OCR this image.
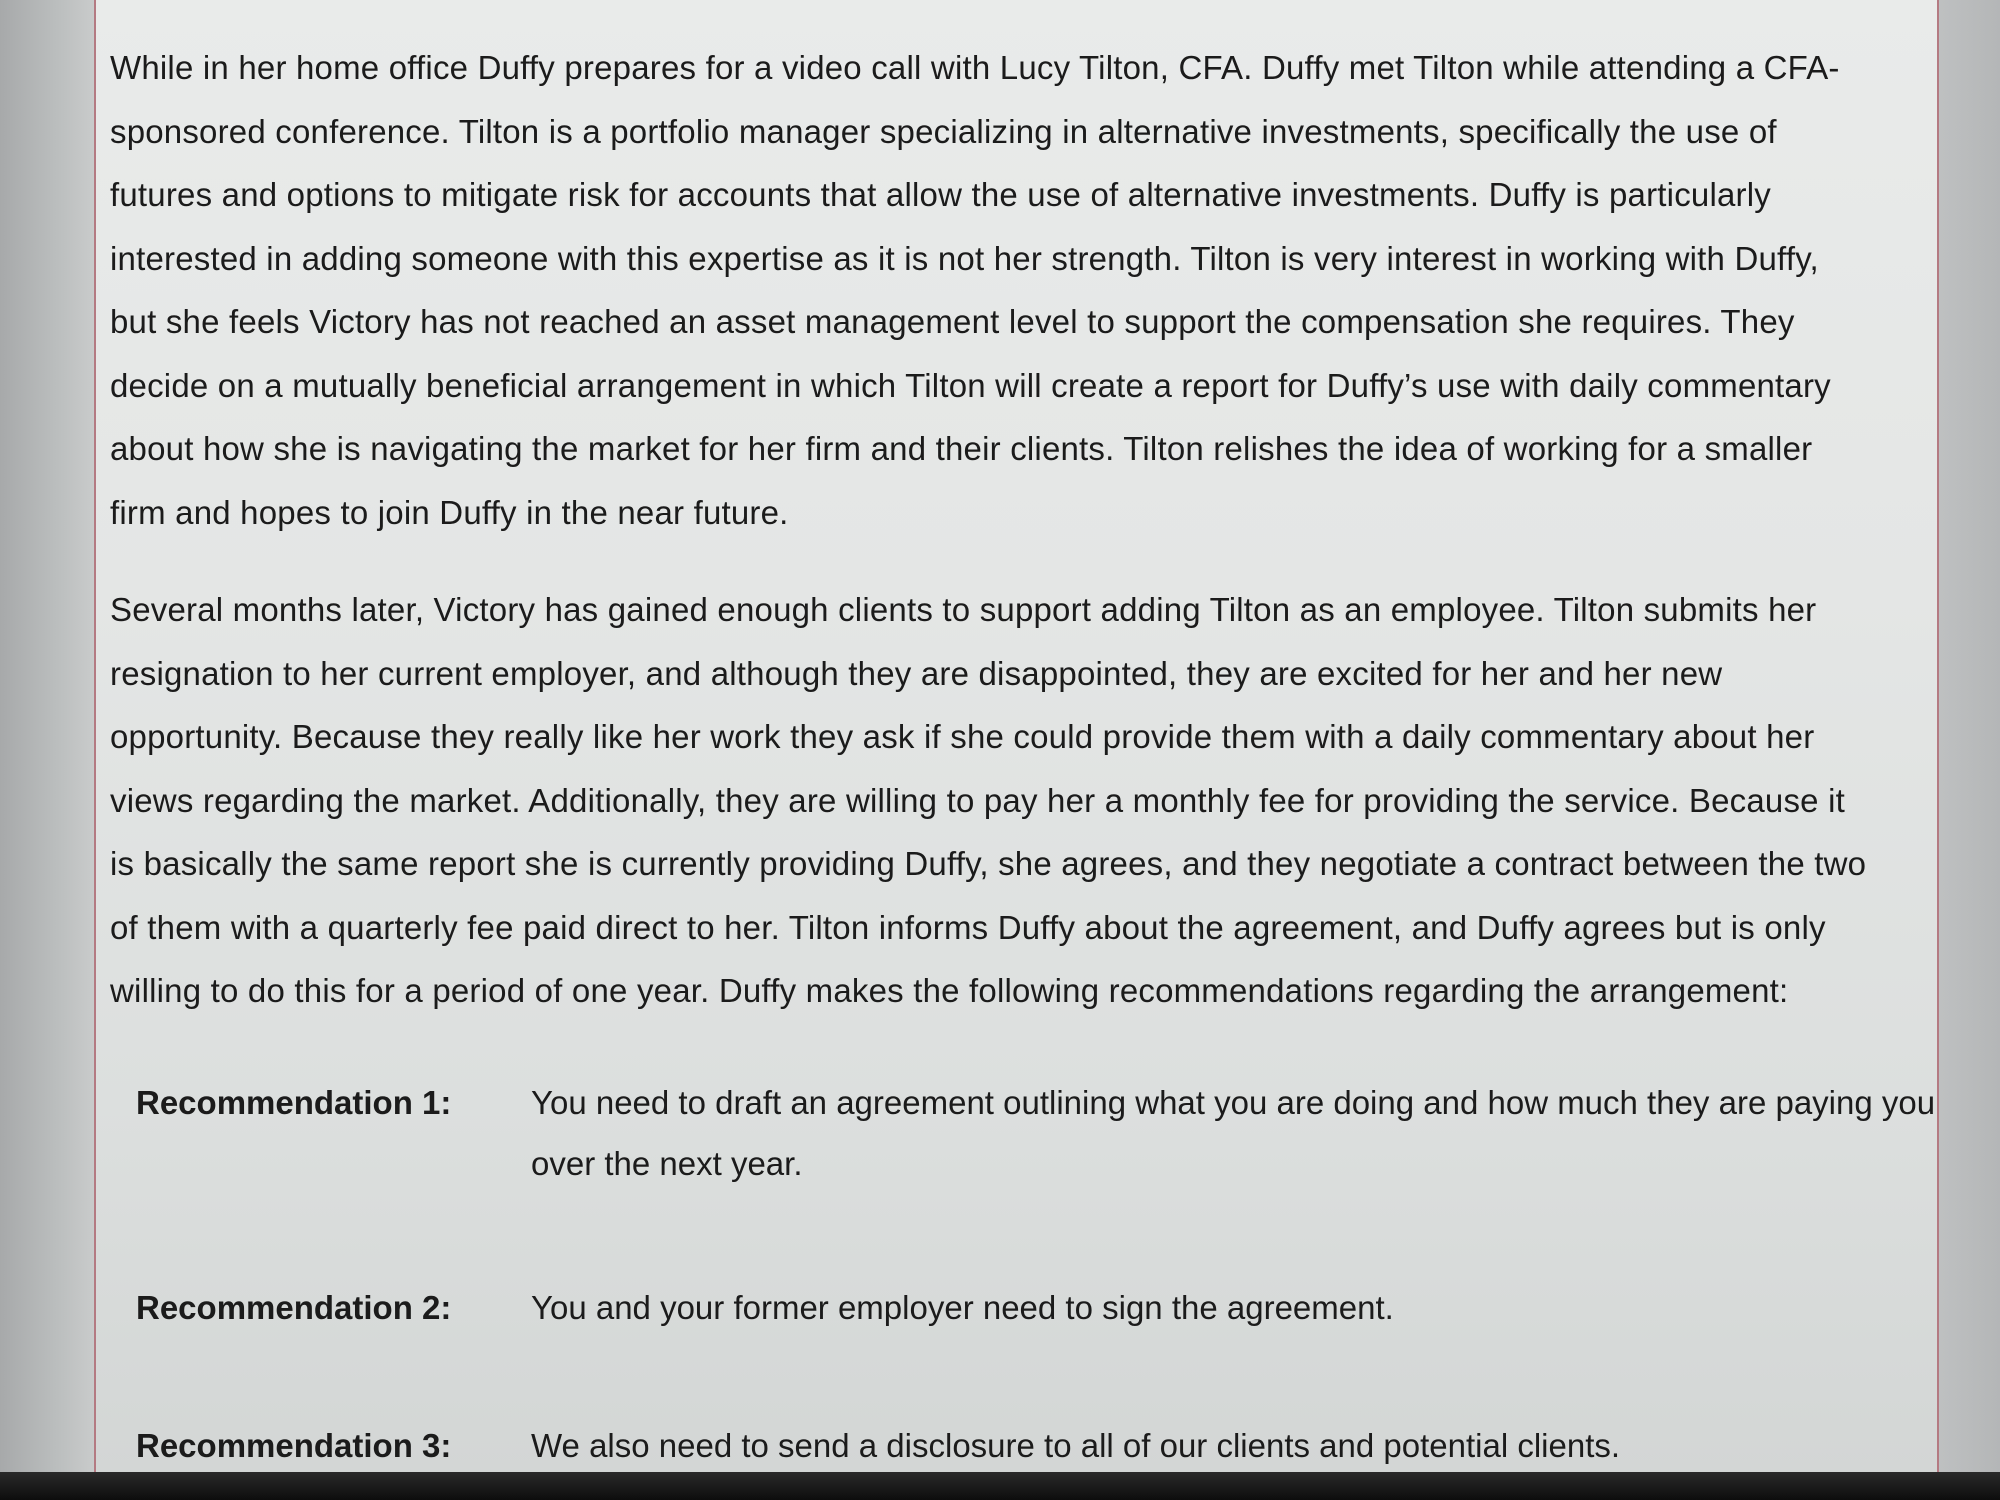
While in her home office Duffy prepares for a video call with Lucy Tilton, CFA. Duffy met Tilton while attending a CFA-
sponsored conference. Tilton is a portfolio manager specializing in alternative investments, specifically the use of
futures and options to mitigate risk for accounts that allow the use of alternative investments. Duffy is particularly
interested in adding someone with this expertise as it is not her strength. Tilton is very interest in working with Duffy,
but she feels Victory has not reached an asset management level to support the compensation she requires. They
decide on a mutually beneficial arrangement in which Tilton will create a report for Duffy’s use with daily commentary
about how she is navigating the market for her firm and their clients. Tilton relishes the idea of working for a smaller
firm and hopes to join Duffy in the near future.

Several months later, Victory has gained enough clients to support adding Tilton as an employee. Tilton submits her
resignation to her current employer, and although they are disappointed, they are excited for her and her new
opportunity. Because they really like her work they ask if she could provide them with a daily commentary about her
views regarding the market. Additionally, they are willing to pay her a monthly fee for providing the service. Because it
is basically the same report she is currently providing Duffy, she agrees, and they negotiate a contract between the two
of them with a quarterly fee paid direct to her. Tilton informs Duffy about the agreement, and Duffy agrees but is only
willing to do this for a period of one year. Duffy makes the following recommendations regarding the arrangement:

Recommendation 1:	You need to draft an agreement outlining what you are doing and how much they are paying you over the next year.
Recommendation 2:	You and your former employer need to sign the agreement.
Recommendation 3:	We also need to send a disclosure to all of our clients and potential clients.
